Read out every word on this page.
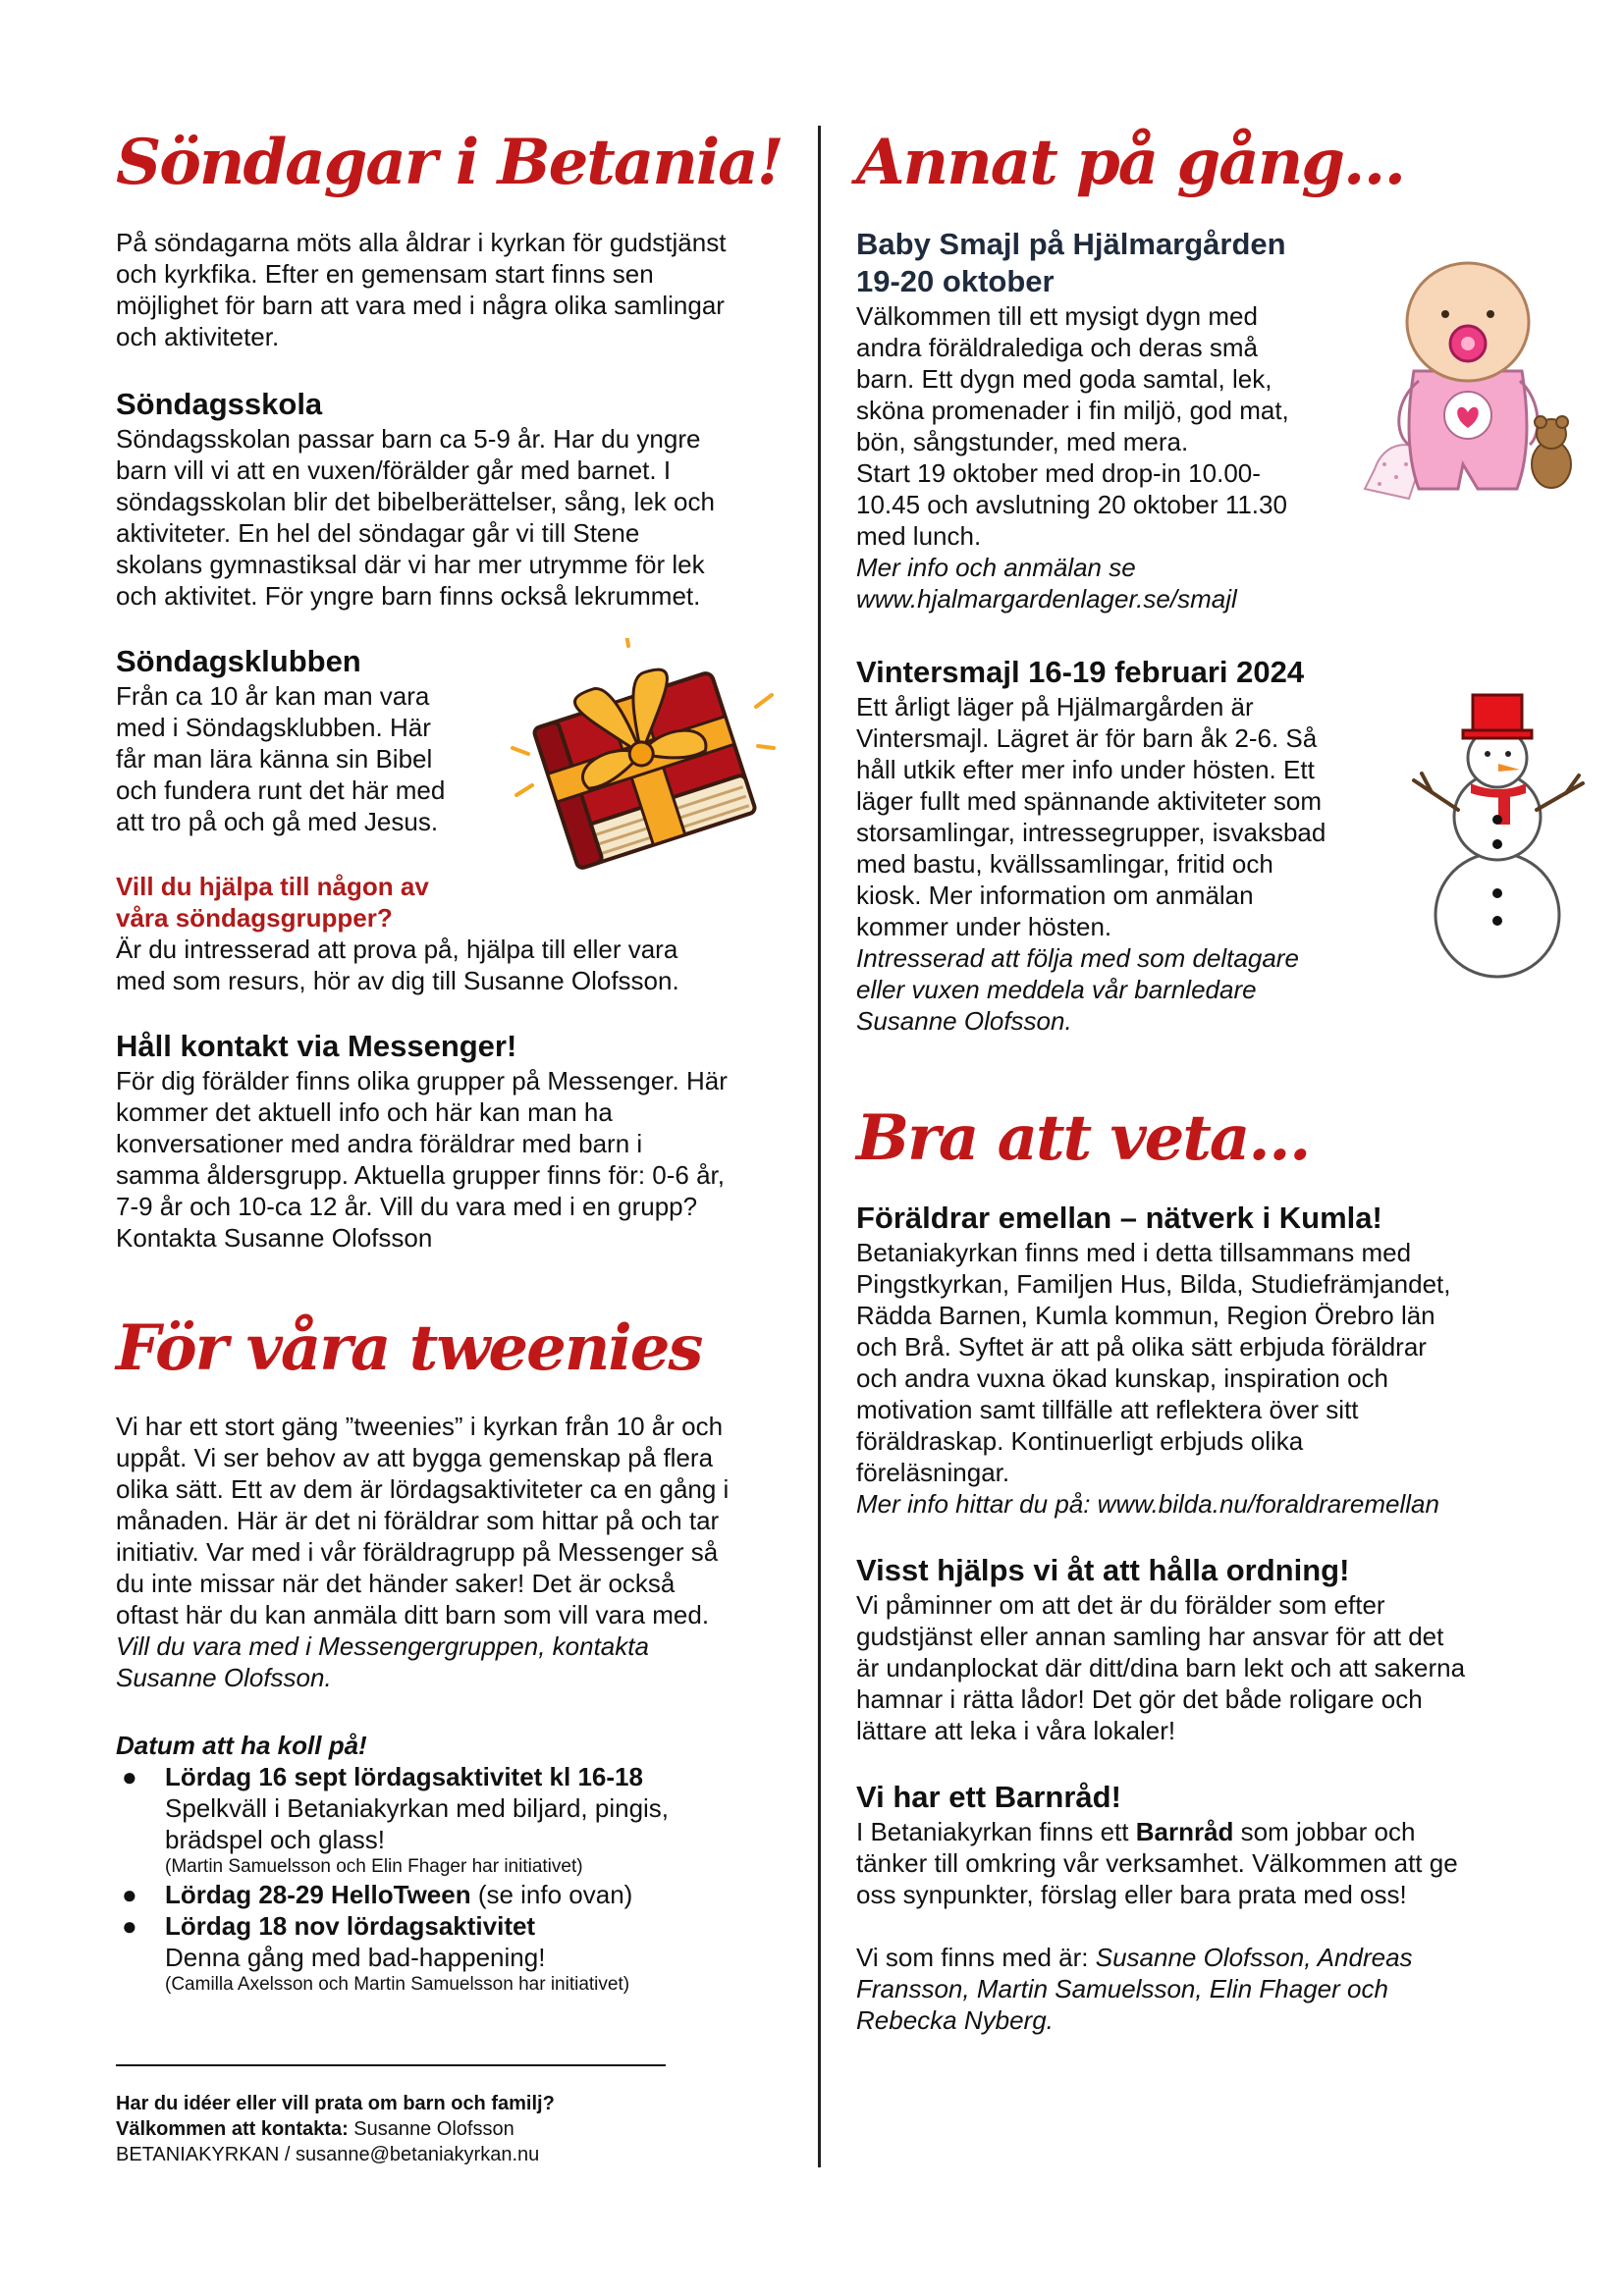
Söndagar i Betania!

På söndagarna möts alla åldrar i kyrkan för gudstjänst

och kyrkfika. Efter en gemensam start finns sen

möjlighet för barn att vara med i några olika samlingar

och aktiviteter.

Söndagsskola

Söndagsskolan passar barn ca 5-9 år. Har du yngre

barn vill vi att en vuxen/förälder går med barnet. I

söndagsskolan blir det bibelberättelser, sång, lek och

aktiviteter. En hel del söndagar går vi till Stene

skolans gymnastiksal där vi har mer utrymme för lek

och aktivitet. För yngre barn finns också lekrummet.

Söndagsklubben

Från ca 10 år kan man vara

med i Söndagsklubben. Här

får man lära känna sin Bibel

och fundera runt det här med

att tro på och gå med Jesus.

Vill du hjälpa till någon av

våra söndagsgrupper?

Är du intresserad att prova på, hjälpa till eller vara

med som resurs, hör av dig till Susanne Olofsson.

Håll kontakt via Messenger!

För dig förälder finns olika grupper på Messenger. Här

kommer det aktuell info och här kan man ha

konversationer med andra föräldrar med barn i

samma åldersgrupp. Aktuella grupper finns för: 0-6 år,

7-9 år och 10-ca 12 år. Vill du vara med i en grupp?

Kontakta Susanne Olofsson

För våra tweenies

Vi har ett stort gäng ”tweenies” i kyrkan från 10 år och

uppåt. Vi ser behov av att bygga gemenskap på flera

olika sätt. Ett av dem är lördagsaktiviteter ca en gång i

månaden. Här är det ni föräldrar som hittar på och tar

initiativ. Var med i vår föräldragrupp på Messenger så

du inte missar när det händer saker! Det är också

oftast här du kan anmäla ditt barn som vill vara med.

Vill du vara med i Messengergruppen, kontakta

Susanne Olofsson.

Datum att ha koll på!

● Lördag 16 sept lördagsaktivitet kl 16-18

Spelkväll i Betaniakyrkan med biljard, pingis,

brädspel och glass!

(Martin Samuelsson och Elin Fhager har initiativet)

● Lördag 28-29 HelloTween (se info ovan)

● Lördag 18 nov lördagsaktivitet

Denna gång med bad-happening!

(Camilla Axelsson och Martin Samuelsson har initiativet)

Har du idéer eller vill prata om barn och familj?

Välkommen att kontakta: Susanne Olofsson

BETANIAKYRKAN / susanne@betaniakyrkan.nu

Annat på gång…

Baby Smajl på Hjälmargården

19-20 oktober

Välkommen till ett mysigt dygn med

andra föräldralediga och deras små

barn. Ett dygn med goda samtal, lek,

sköna promenader i fin miljö, god mat,

bön, sångstunder, med mera.

Start 19 oktober med drop-in 10.00-

10.45 och avslutning 20 oktober 11.30

med lunch.

Mer info och anmälan se

www.hjalmargardenlager.se/smajl

Vintersmajl 16-19 februari 2024

Ett årligt läger på Hjälmargården är

Vintersmajl. Lägret är för barn åk 2-6. Så

håll utkik efter mer info under hösten. Ett

läger fullt med spännande aktiviteter som

storsamlingar, intressegrupper, isvaksbad

med bastu, kvällssamlingar, fritid och

kiosk. Mer information om anmälan

kommer under hösten.

Intresserad att följa med som deltagare

eller vuxen meddela vår barnledare

Susanne Olofsson.

Bra att veta…

Föräldrar emellan – nätverk i Kumla!

Betaniakyrkan finns med i detta tillsammans med

Pingstkyrkan, Familjen Hus, Bilda, Studiefrämjandet,

Rädda Barnen, Kumla kommun, Region Örebro län

och Brå. Syftet är att på olika sätt erbjuda föräldrar

och andra vuxna ökad kunskap, inspiration och

motivation samt tillfälle att reflektera över sitt

föräldraskap. Kontinuerligt erbjuds olika

föreläsningar.

Mer info hittar du på: www.bilda.nu/foraldraremellan

Visst hjälps vi åt att hålla ordning!

Vi påminner om att det är du förälder som efter

gudstjänst eller annan samling har ansvar för att det

är undanplockat där ditt/dina barn lekt och att sakerna

hamnar i rätta lådor! Det gör det både roligare och

lättare att leka i våra lokaler!

Vi har ett Barnråd!

I Betaniakyrkan finns ett Barnråd som jobbar och

tänker till omkring vår verksamhet. Välkommen att ge

oss synpunkter, förslag eller bara prata med oss!

Vi som finns med är: Susanne Olofsson, Andreas

Fransson, Martin Samuelsson, Elin Fhager och

Rebecka Nyberg.
